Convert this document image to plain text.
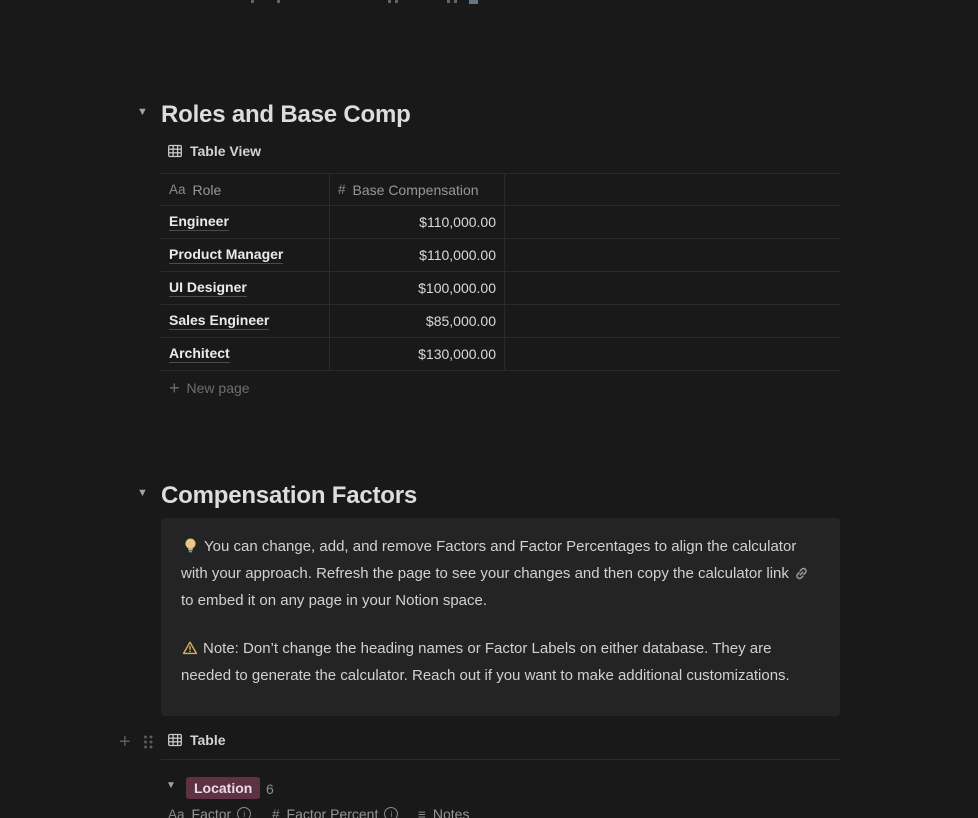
▼ Roles and Base Comp
Table View
Aa Role	# Base Compensation
Engineer	$110,000.00
Product Manager	$110,000.00
UI Designer	$100,000.00
Sales Engineer	$85,000.00
Architect	$130,000.00
+ New page
▼ Compensation Factors

You can change, add, and remove Factors and Factor Percentages to align the calculator with your approach. Refresh the page to see your changes and then copy the calculator link to embed it on any page in your Notion space.

Note: Don’t change the heading names or Factor Labels on either database. They are needed to generate the calculator. Reach out if you want to make additional customizations.

+	Table
▼	Location 6
Aa Factor	i	# Factor Percent	i	≡ Notes
